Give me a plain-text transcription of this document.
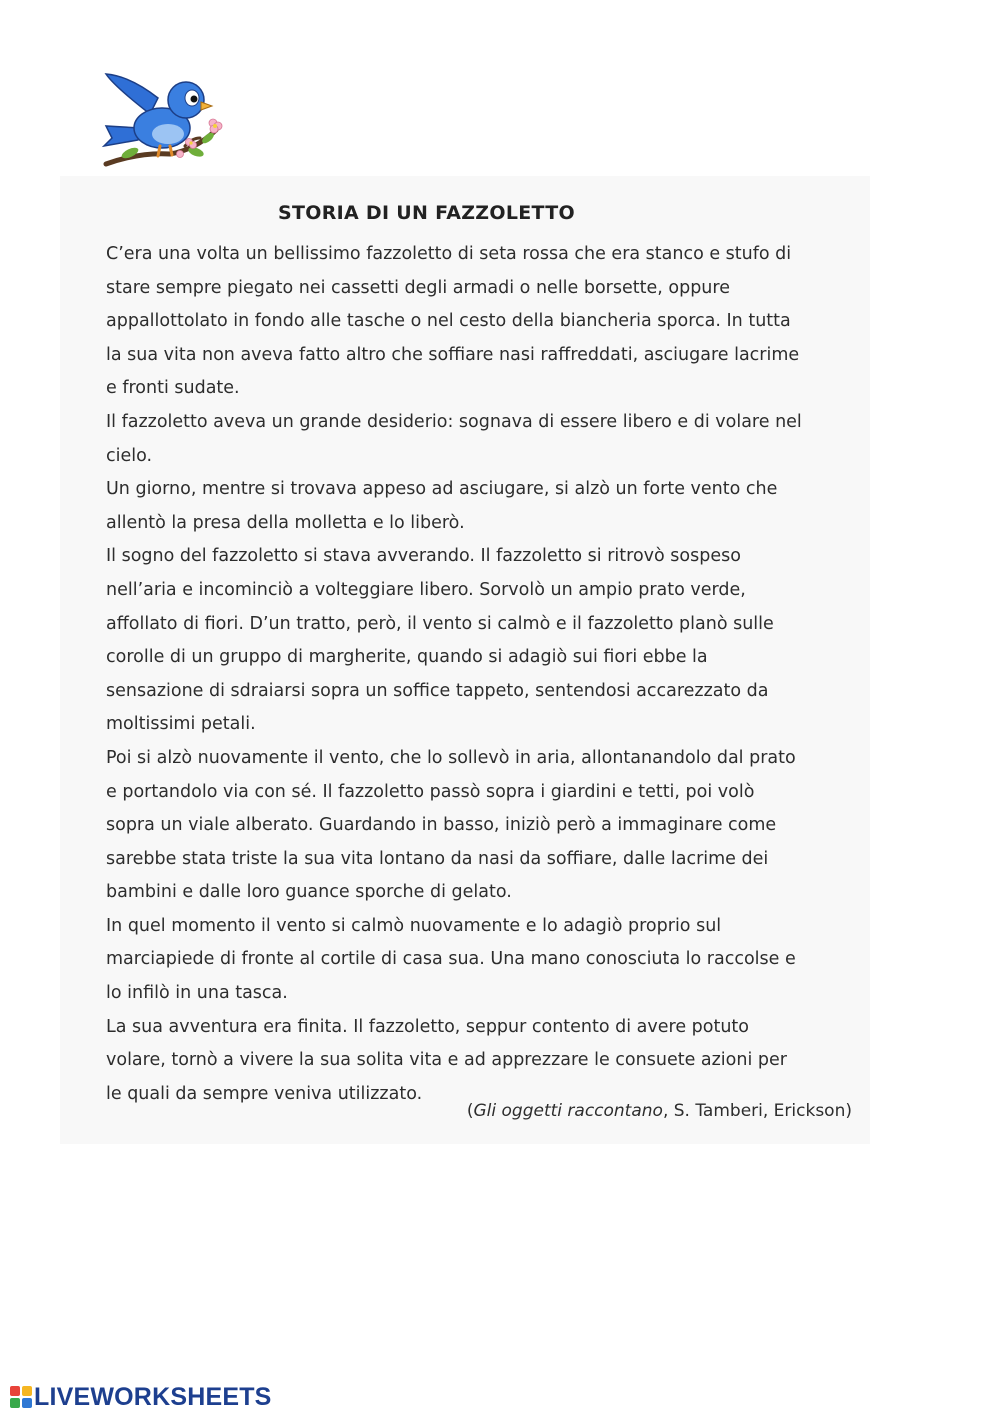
STORIA DI UN FAZZOLETTO
C’era una volta un bellissimo fazzoletto di seta rossa che era stanco e stufo di
stare sempre piegato nei cassetti degli armadi o nelle borsette, oppure
appallottolato in fondo alle tasche o nel cesto della biancheria sporca. In tutta
la sua vita non aveva fatto altro che soffiare nasi raffreddati, asciugare lacrime
e fronti sudate.
Il fazzoletto aveva un grande desiderio: sognava di essere libero e di volare nel
cielo.
Un giorno, mentre si trovava appeso ad asciugare, si alzò un forte vento che
allentò la presa della molletta e lo liberò.
Il sogno del fazzoletto si stava avverando. Il fazzoletto si ritrovò sospeso
nell’aria e incominciò a volteggiare libero. Sorvolò un ampio prato verde,
affollato di fiori. D’un tratto, però, il vento si calmò e il fazzoletto planò sulle
corolle di un gruppo di margherite, quando si adagiò sui fiori ebbe la
sensazione di sdraiarsi sopra un soffice tappeto, sentendosi accarezzato da
moltissimi petali.
Poi si alzò nuovamente il vento, che lo sollevò in aria, allontanandolo dal prato
e portandolo via con sé. Il fazzoletto passò sopra i giardini e tetti, poi volò
sopra un viale alberato. Guardando in basso, iniziò però a immaginare come
sarebbe stata triste la sua vita lontano da nasi da soffiare, dalle lacrime dei
bambini e dalle loro guance sporche di gelato.
In quel momento il vento si calmò nuovamente e lo adagiò proprio sul
marciapiede di fronte al cortile di casa sua. Una mano conosciuta lo raccolse e
lo infilò in una tasca.
La sua avventura era finita. Il fazzoletto, seppur contento di avere potuto
volare, tornò a vivere la sua solita vita e ad apprezzare le consuete azioni per
le quali da sempre veniva utilizzato.
(Gli oggetti raccontano, S. Tamberi, Erickson)
LIVEWORKSHEETS
